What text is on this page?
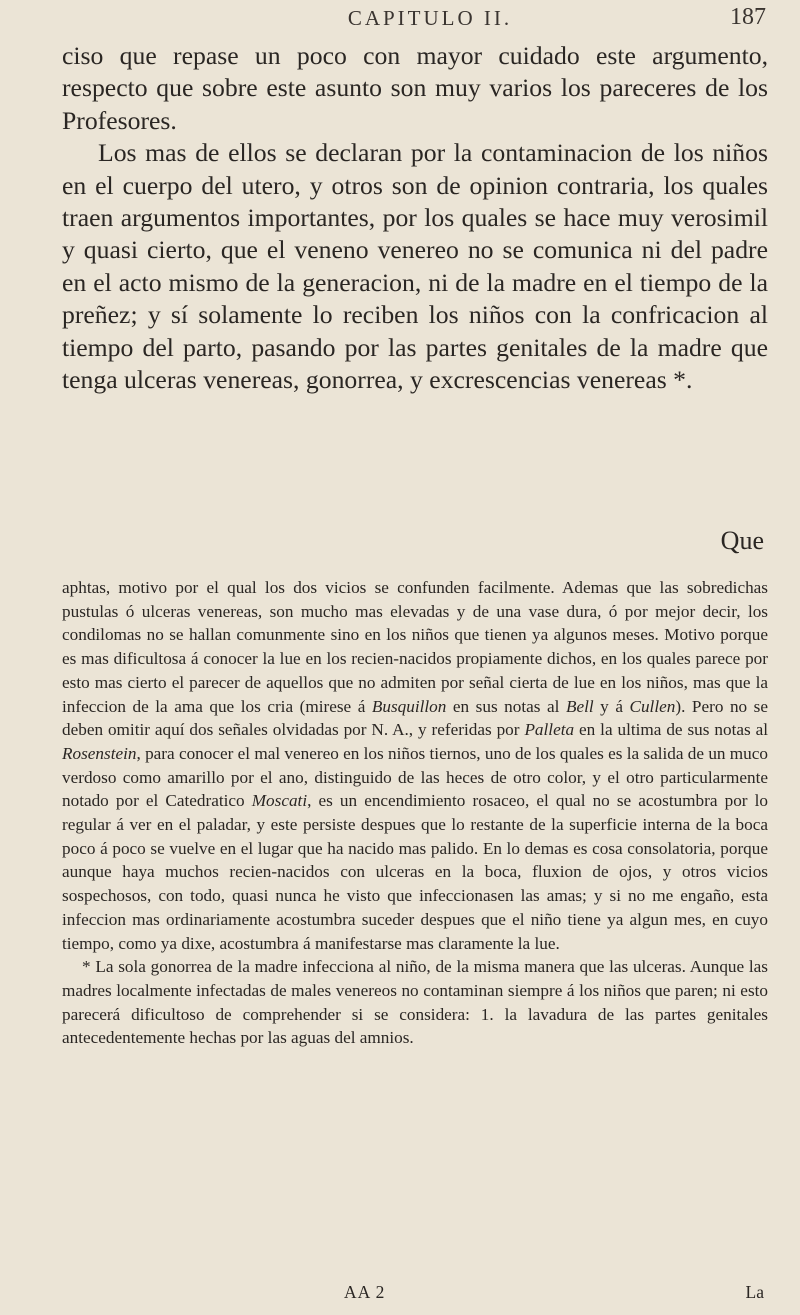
CAPITULO II.	187

ciso que repase un poco con mayor cuidado este argumento, respecto que sobre este asunto son muy varios los pareceres de los Profesores.

Los mas de ellos se declaran por la contaminacion de los niños en el cuerpo del utero, y otros son de opinion contraria, los quales traen argumentos importantes, por los quales se hace muy verosimil y quasi cierto, que el veneno venereo no se comunica ni del padre en el acto mismo de la generacion, ni de la madre en el tiempo de la preñez; y sí solamente lo reciben los niños con la confricacion al tiempo del parto, pasando por las partes genitales de la madre que tenga ulceras venereas, gonorrea, y excrescencias venereas *.

Que

aphtas, motivo por el qual los dos vicios se confunden facilmente. Ademas que las sobredichas pustulas ó ulceras venereas, son mucho mas elevadas y de una vase dura, ó por mejor decir, los condilomas no se hallan comunmente sino en los niños que tienen ya algunos meses. Motivo porque es mas dificultosa á conocer la lue en los recien-nacidos propiamente dichos, en los quales parece por esto mas cierto el parecer de aquellos que no admiten por señal cierta de lue en los niños, mas que la infeccion de la ama que los cria (mirese á Busquillon en sus notas al Bell y á Cullen). Pero no se deben omitir aquí dos señales olvidadas por N. A., y referidas por Palleta en la ultima de sus notas al Rosenstein, para conocer el mal venereo en los niños tiernos, uno de los quales es la salida de un muco verdoso como amarillo por el ano, distinguido de las heces de otro color, y el otro particularmente notado por el Catedratico Moscati, es un encendimiento rosaceo, el qual no se acostumbra por lo regular á ver en el paladar, y este persiste despues que lo restante de la superficie interna de la boca poco á poco se vuelve en el lugar que ha nacido mas palido. En lo demas es cosa consolatoria, porque aunque haya muchos recien-nacidos con ulceras en la boca, fluxion de ojos, y otros vicios sospechosos, con todo, quasi nunca he visto que infeccionasen las amas; y si no me engaño, esta infeccion mas ordinariamente acostumbra suceder despues que el niño tiene ya algun mes, en cuyo tiempo, como ya dixe, acostumbra á manifestarse mas claramente la lue.

* La sola gonorrea de la madre infecciona al niño, de la misma manera que las ulceras. Aunque las madres localmente infectadas de males venereos no contaminan siempre á los niños que paren; ni esto parecerá dificultoso de comprehender si se considera: 1. la lavadura de las partes genitales antecedentemente hechas por las aguas del amnios.

AA 2	La
